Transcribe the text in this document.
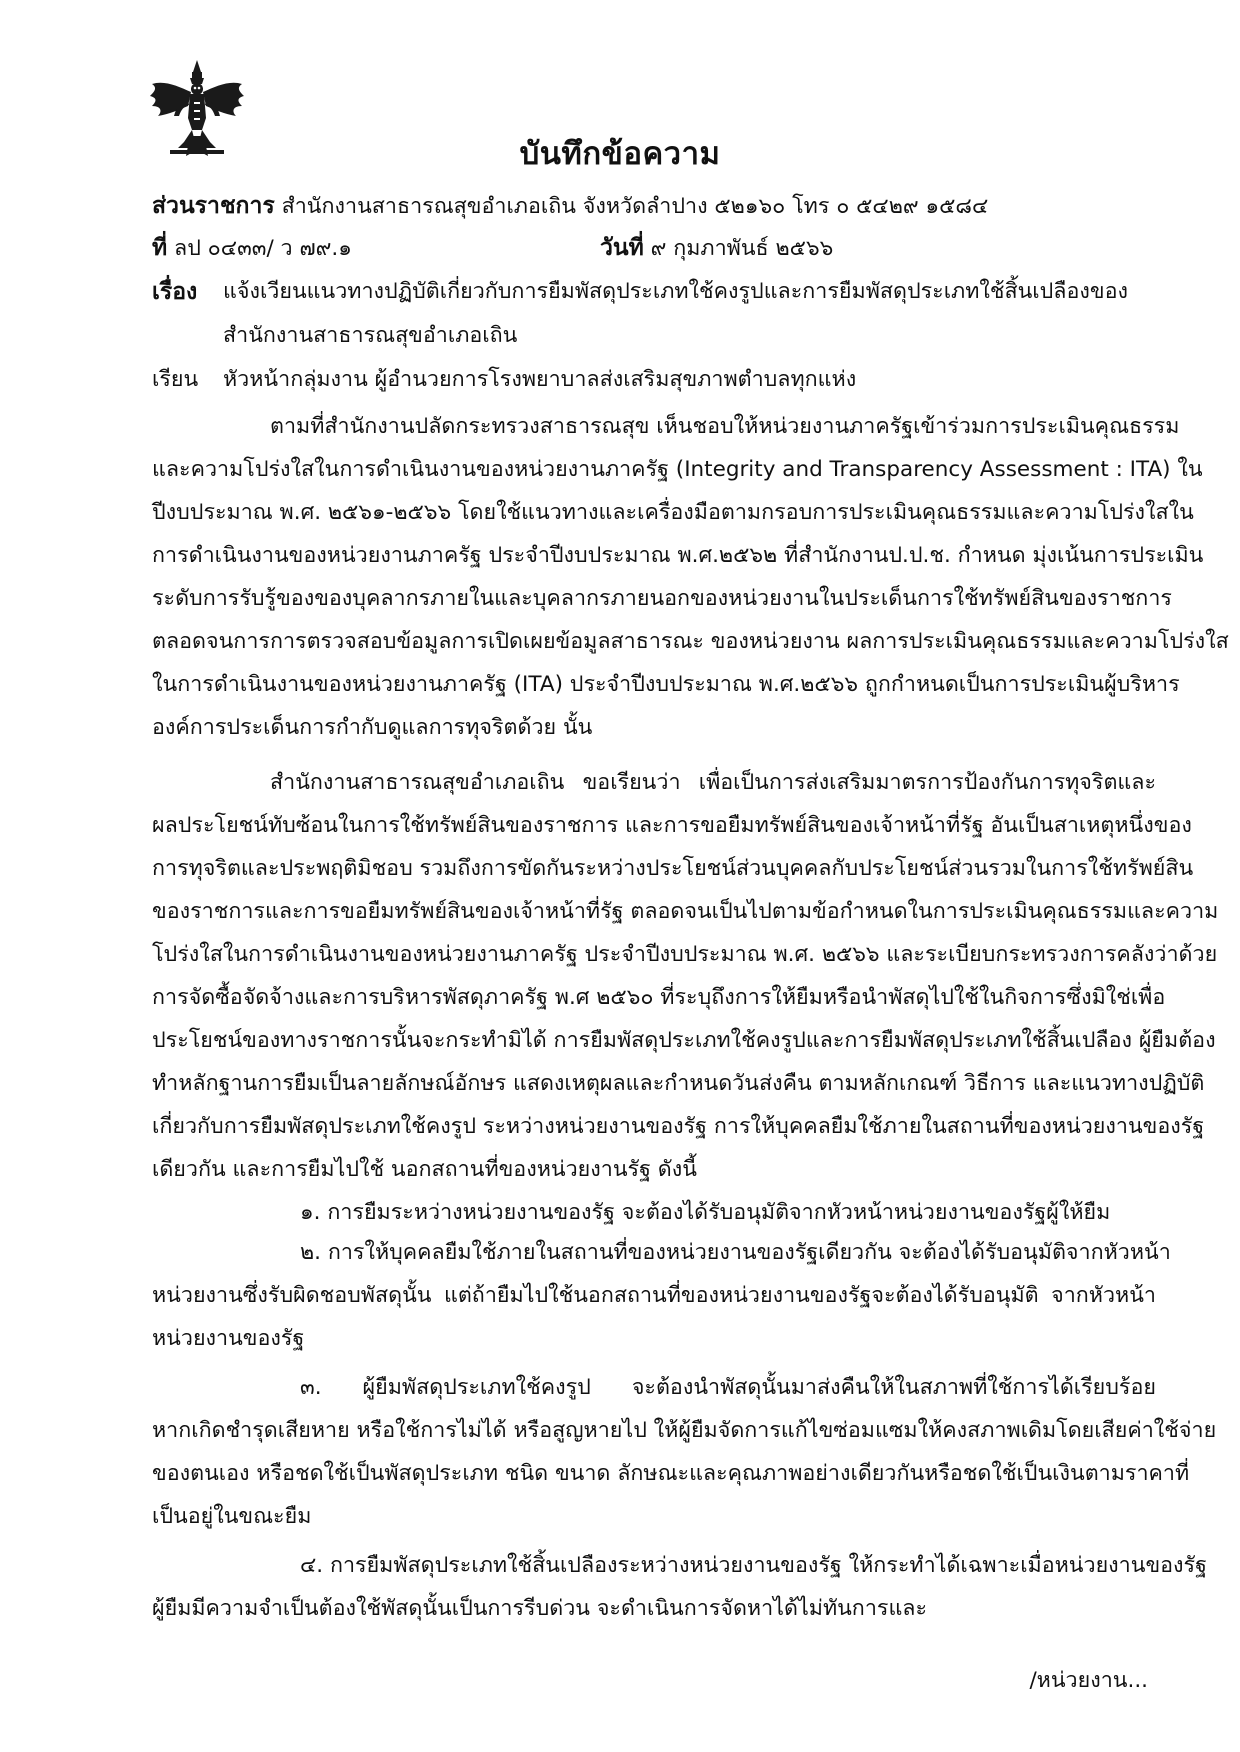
บันทึกข้อความ
ส่วนราชการ สำนักงานสาธารณสุขอำเภอเถิน จังหวัดลำปาง ๕๒๑๖๐ โทร ๐ ๕๔๒๙ ๑๕๘๔
ที่ ลป ๐๔๓๓/ ว ๗๙.๑	วันที่ ๙ กุมภาพันธ์ ๒๕๖๖
เรื่อง แจ้งเวียนแนวทางปฏิบัติเกี่ยวกับการยืมพัสดุประเภทใช้คงรูปและการยืมพัสดุประเภทใช้สิ้นเปลืองของ
สำนักงานสาธารณสุขอำเภอเถิน
เรียน หัวหน้ากลุ่มงาน ผู้อำนวยการโรงพยาบาลส่งเสริมสุขภาพตำบลทุกแห่ง
ตามที่สำนักงานปลัดกระทรวงสาธารณสุข เห็นชอบให้หน่วยงานภาครัฐเข้าร่วมการประเมินคุณธรรม
และความโปร่งใสในการดำเนินงานของหน่วยงานภาครัฐ (Integrity and Transparency Assessment : ITA) ใน
ปีงบประมาณ พ.ศ. ๒๕๖๑-๒๕๖๖ โดยใช้แนวทางและเครื่องมือตามกรอบการประเมินคุณธรรมและความโปร่งใสใน
การดำเนินงานของหน่วยงานภาครัฐ ประจำปีงบประมาณ พ.ศ.๒๕๖๒ ที่สำนักงานป.ป.ช. กำหนด มุ่งเน้นการประเมิน
ระดับการรับรู้ของของบุคลากรภายในและบุคลากรภายนอกของหน่วยงานในประเด็นการใช้ทรัพย์สินของราชการ
ตลอดจนการการตรวจสอบข้อมูลการเปิดเผยข้อมูลสาธารณะ ของหน่วยงาน ผลการประเมินคุณธรรมและความโปร่งใส
ในการดำเนินงานของหน่วยงานภาครัฐ (ITA) ประจำปีงบประมาณ พ.ศ.๒๕๖๖ ถูกกำหนดเป็นการประเมินผู้บริหาร
องค์การประเด็นการกำกับดูแลการทุจริตด้วย นั้น
สำนักงานสาธารณสุขอำเภอเถิน ขอเรียนว่า เพื่อเป็นการส่งเสริมมาตรการป้องกันการทุจริตและ
ผลประโยชน์ทับซ้อนในการใช้ทรัพย์สินของราชการ และการขอยืมทรัพย์สินของเจ้าหน้าที่รัฐ อันเป็นสาเหตุหนึ่งของ
การทุจริตและประพฤติมิชอบ รวมถึงการขัดกันระหว่างประโยชน์ส่วนบุคคลกับประโยชน์ส่วนรวมในการใช้ทรัพย์สิน
ของราชการและการขอยืมทรัพย์สินของเจ้าหน้าที่รัฐ ตลอดจนเป็นไปตามข้อกำหนดในการประเมินคุณธรรมและความ
โปร่งใสในการดำเนินงานของหน่วยงานภาครัฐ ประจำปีงบประมาณ พ.ศ. ๒๕๖๖ และระเบียบกระทรวงการคลังว่าด้วย
การจัดซื้อจัดจ้างและการบริหารพัสดุภาครัฐ พ.ศ ๒๕๖๐ ที่ระบุถึงการให้ยืมหรือนำพัสดุไปใช้ในกิจการซึ่งมิใช่เพื่อ
ประโยชน์ของทางราชการนั้นจะกระทำมิได้ การยืมพัสดุประเภทใช้คงรูปและการยืมพัสดุประเภทใช้สิ้นเปลือง ผู้ยืมต้อง
ทำหลักฐานการยืมเป็นลายลักษณ์อักษร แสดงเหตุผลและกำหนดวันส่งคืน ตามหลักเกณฑ์ วิธีการ และแนวทางปฏิบัติ
เกี่ยวกับการยืมพัสดุประเภทใช้คงรูป ระหว่างหน่วยงานของรัฐ การให้บุคคลยืมใช้ภายในสถานที่ของหน่วยงานของรัฐ
เดียวกัน และการยืมไปใช้ นอกสถานที่ของหน่วยงานรัฐ ดังนี้
๑. การยืมระหว่างหน่วยงานของรัฐ จะต้องได้รับอนุมัติจากหัวหน้าหน่วยงานของรัฐผู้ให้ยืม
๒. การให้บุคคลยืมใช้ภายในสถานที่ของหน่วยงานของรัฐเดียวกัน จะต้องได้รับอนุมัติจากหัวหน้า
หน่วยงานซึ่งรับผิดชอบพัสดุนั้น แต่ถ้ายืมไปใช้นอกสถานที่ของหน่วยงานของรัฐจะต้องได้รับอนุมัติ จากหัวหน้า
หน่วยงานของรัฐ
๓. ผู้ยืมพัสดุประเภทใช้คงรูป จะต้องนำพัสดุนั้นมาส่งคืนให้ในสภาพที่ใช้การได้เรียบร้อย
หากเกิดชำรุดเสียหาย หรือใช้การไม่ได้ หรือสูญหายไป ให้ผู้ยืมจัดการแก้ไขซ่อมแซมให้คงสภาพเดิมโดยเสียค่าใช้จ่าย
ของตนเอง หรือชดใช้เป็นพัสดุประเภท ชนิด ขนาด ลักษณะและคุณภาพอย่างเดียวกันหรือชดใช้เป็นเงินตามราคาที่
เป็นอยู่ในขณะยืม
๔. การยืมพัสดุประเภทใช้สิ้นเปลืองระหว่างหน่วยงานของรัฐ ให้กระทำได้เฉพาะเมื่อหน่วยงานของรัฐ
ผู้ยืมมีความจำเป็นต้องใช้พัสดุนั้นเป็นการรีบด่วน จะดำเนินการจัดหาได้ไม่ทันการและ
/หน่วยงาน...
